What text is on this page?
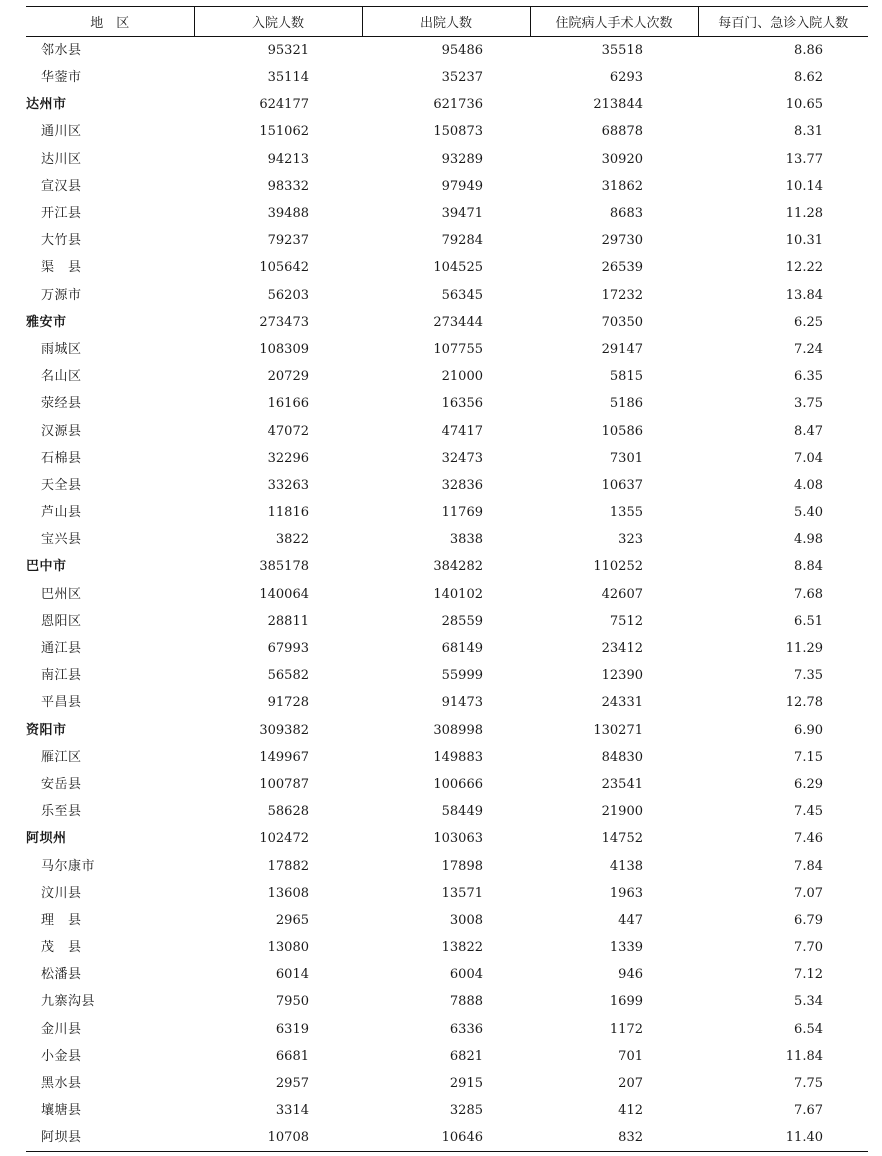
地　区	入院人数	出院人数	住院病人手术人次数	每百门、急诊入院人数
邻水县	95321	95486	35518	8.86
华蓥市	35114	35237	6293	8.62
达州市	624177	621736	213844	10.65
通川区	151062	150873	68878	8.31
达川区	94213	93289	30920	13.77
宣汉县	98332	97949	31862	10.14
开江县	39488	39471	8683	11.28
大竹县	79237	79284	29730	10.31
渠　县	105642	104525	26539	12.22
万源市	56203	56345	17232	13.84
雅安市	273473	273444	70350	6.25
雨城区	108309	107755	29147	7.24
名山区	20729	21000	5815	6.35
荥经县	16166	16356	5186	3.75
汉源县	47072	47417	10586	8.47
石棉县	32296	32473	7301	7.04
天全县	33263	32836	10637	4.08
芦山县	11816	11769	1355	5.40
宝兴县	3822	3838	323	4.98
巴中市	385178	384282	110252	8.84
巴州区	140064	140102	42607	7.68
恩阳区	28811	28559	7512	6.51
通江县	67993	68149	23412	11.29
南江县	56582	55999	12390	7.35
平昌县	91728	91473	24331	12.78
资阳市	309382	308998	130271	6.90
雁江区	149967	149883	84830	7.15
安岳县	100787	100666	23541	6.29
乐至县	58628	58449	21900	7.45
阿坝州	102472	103063	14752	7.46
马尔康市	17882	17898	4138	7.84
汶川县	13608	13571	1963	7.07
理　县	2965	3008	447	6.79
茂　县	13080	13822	1339	7.70
松潘县	6014	6004	946	7.12
九寨沟县	7950	7888	1699	5.34
金川县	6319	6336	1172	6.54
小金县	6681	6821	701	11.84
黑水县	2957	2915	207	7.75
壤塘县	3314	3285	412	7.67
阿坝县	10708	10646	832	11.40
